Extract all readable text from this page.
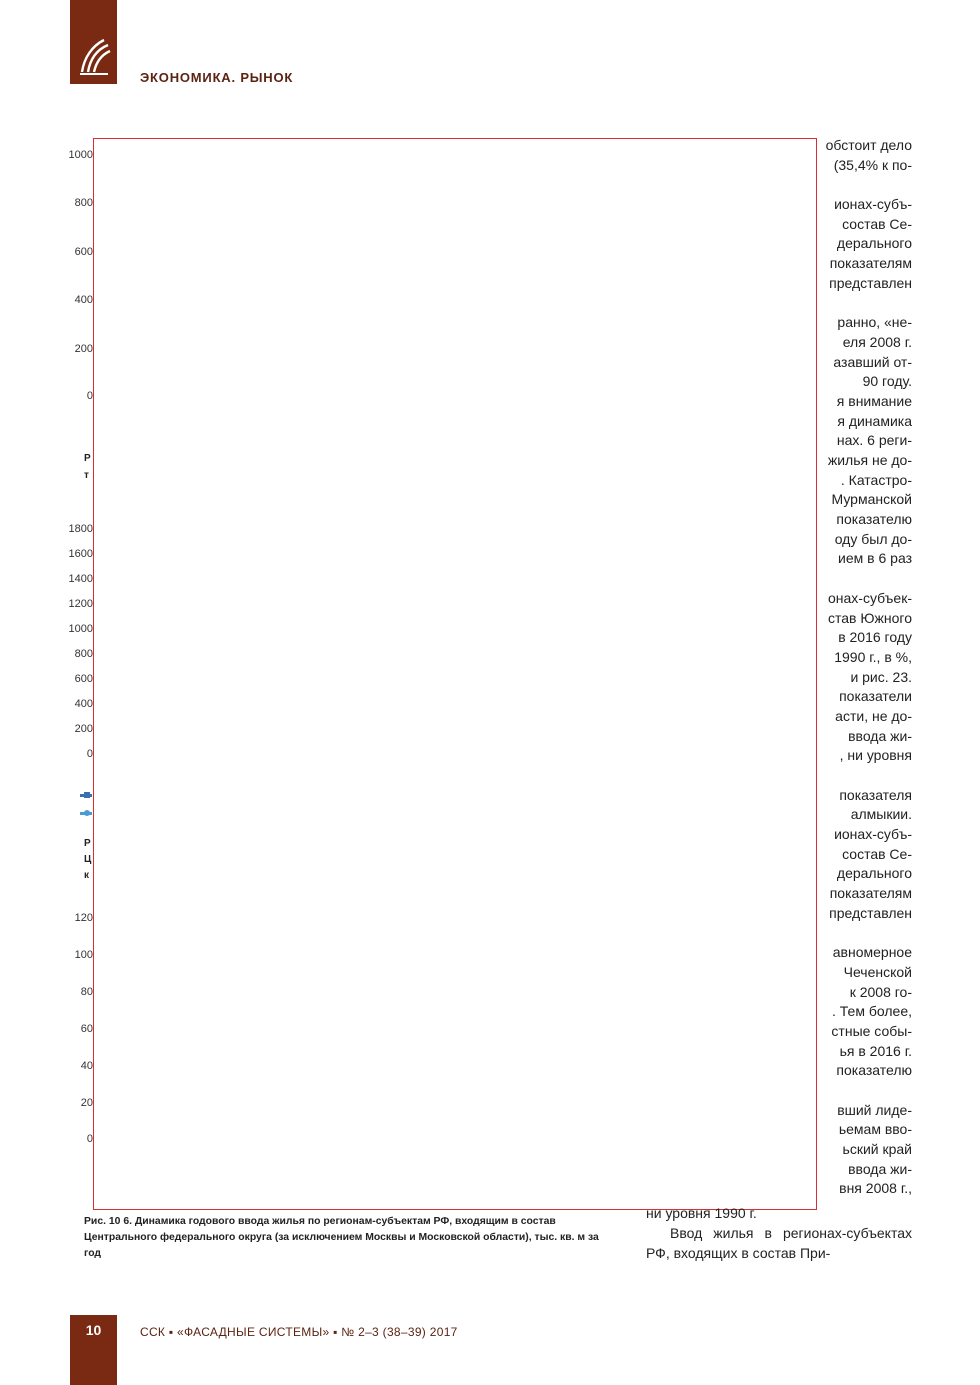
ЭКОНОМИКА. РЫНОК
1000
800
600
400
200
0
Р
т
1800
1600
1400
1200
1000
800
600
400
200
0
Р
Ц
к
120
100
80
60
40
20
0
обстоит дело
(35,4% к по-
ионах-субъ-
состав Се-
дерального
показателям
представлен
ранно, «не-
еля 2008 г.
азавший от-
90 году.
я внимание
я динамика
нах. 6 реги-
жилья не до-
. Катастро-
Мурманской
показателю
оду был до-
ием в 6 раз
онах-субъек-
став Южного
в 2016 году
1990 г., в %,
и рис. 23.
показатели
асти, не до-
ввода жи-
, ни уровня
показателя
алмыкии.
ионах-субъ-
состав Се-
дерального
показателям
представлен
авномерное
Чеченской
к 2008 го-
. Тем более,
стные собы-
ья в 2016 г.
показателю
вший лиде-
ьемам вво-
ьский край
ввода жи-
вня 2008 г.,
Рис. 10 6. Динамика годового ввода жилья по регионам-субъектам РФ, входящим в состав Центрального федерального округа (за исключением Москвы и Московской области), тыс. кв. м за год
ни уровня 1990 г.
Ввод жилья в регионах-субъектах РФ, входящих в состав При-
10	ССК ▪ «ФАСАДНЫЕ СИСТЕМЫ» ▪ № 2–3 (38–39) 2017
